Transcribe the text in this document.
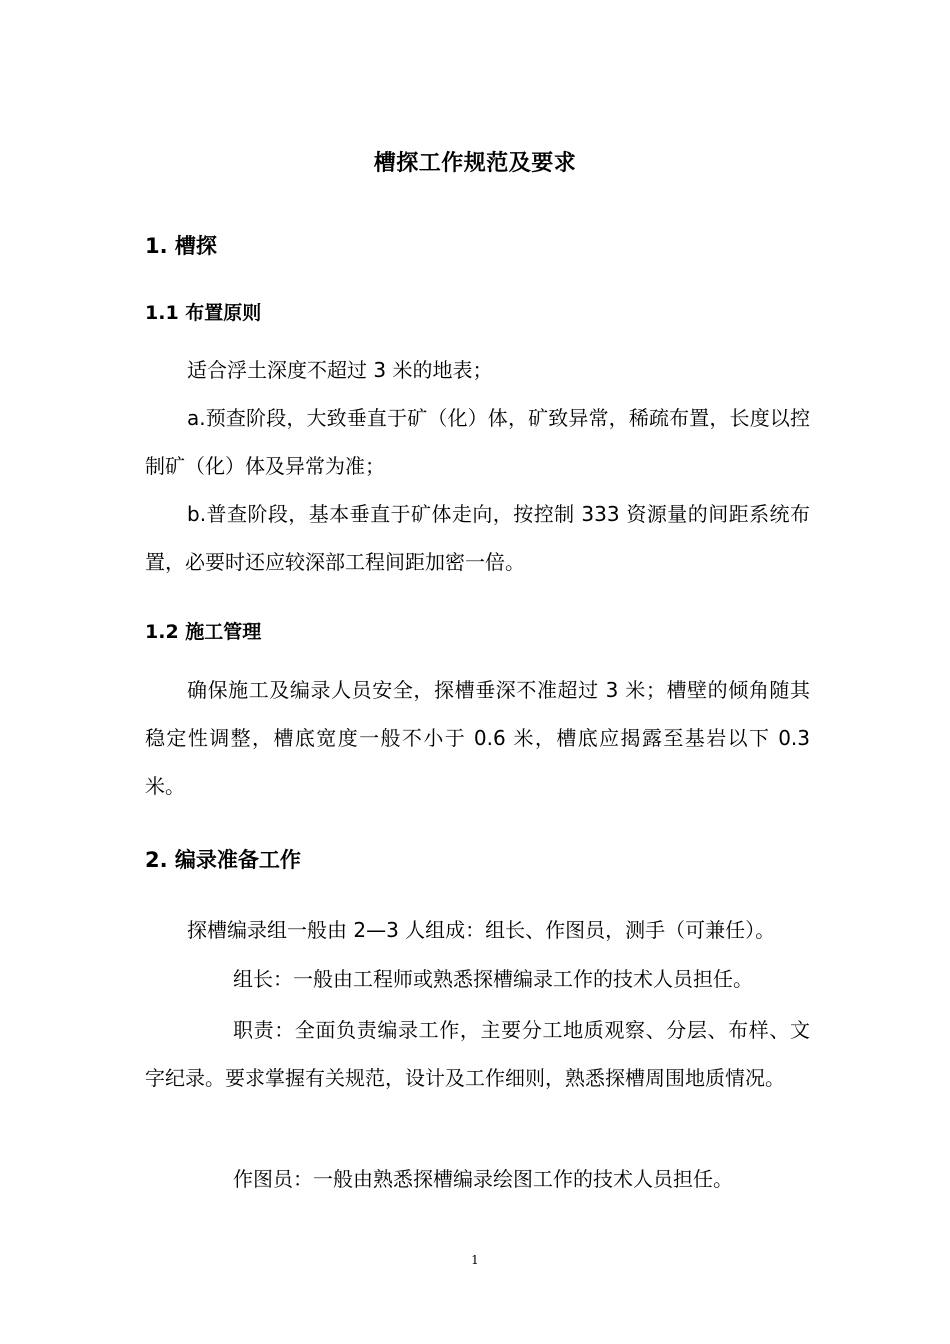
槽探工作规范及要求
1. 槽探
1.1 布置原则

适合浮土深度不超过 3 米的地表；

a.预查阶段，大致垂直于矿（化）体，矿致异常，稀疏布置，长度以控制矿（化）体及异常为准；

b.普查阶段，基本垂直于矿体走向，按控制 333 资源量的间距系统布置，必要时还应较深部工程间距加密一倍。

1.2 施工管理

确保施工及编录人员安全，探槽垂深不准超过 3 米；槽壁的倾角随其稳定性调整，槽底宽度一般不小于 0.6 米，槽底应揭露至基岩以下 0.3 米。

2. 编录准备工作

探槽编录组一般由 2—3 人组成：组长、作图员，测手（可兼任）。

组长：一般由工程师或熟悉探槽编录工作的技术人员担任。

职责：全面负责编录工作，主要分工地质观察、分层、布样、文字纪录。要求掌握有关规范，设计及工作细则，熟悉探槽周围地质情况。

作图员：一般由熟悉探槽编录绘图工作的技术人员担任。

1
